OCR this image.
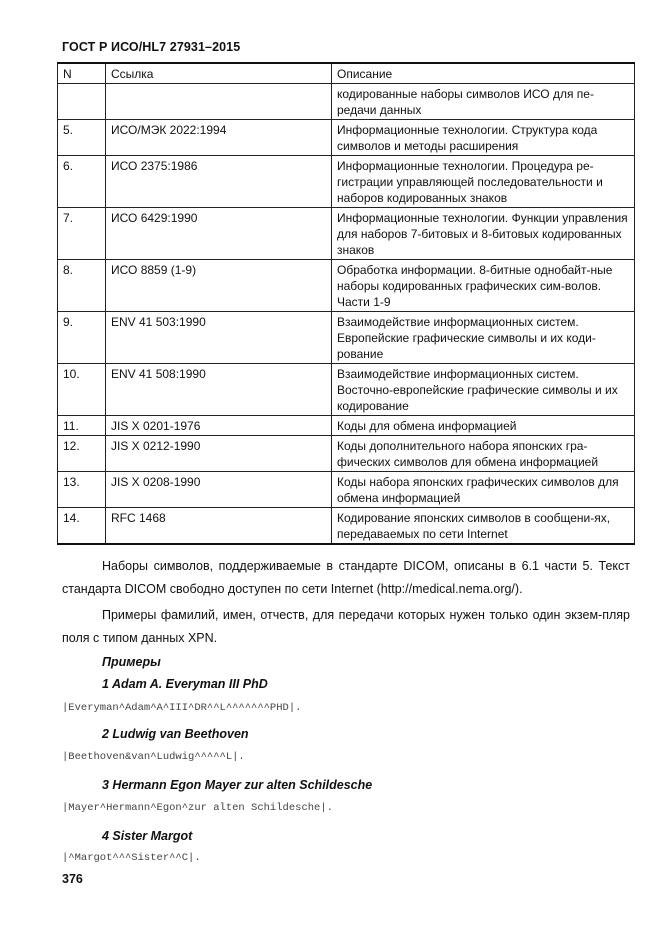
ГОСТ Р ИСО/HL7 27931–2015
N	Ссылка	Описание
		кодированные наборы символов ИСО для пе-редачи данных
5.	ИСО/МЭК 2022:1994	Информационные технологии. Структура кода символов и методы расширения
6.	ИСО 2375:1986	Информационные технологии. Процедура ре-гистрации управляющей последовательности и наборов кодированных знаков
7.	ИСО 6429:1990	Информационные технологии. Функции управления для наборов 7-битовых и 8-битовых кодированных знаков
8.	ИСО 8859 (1-9)	Обработка информации. 8-битные однобайт-ные наборы кодированных графических сим-волов. Части 1-9
9.	ENV 41 503:1990	Взаимодействие информационных систем. Европейские графические символы и их коди-рование
10.	ENV 41 508:1990	Взаимодействие информационных систем. Восточно-европейские графические символы и их кодирование
11.	JIS X 0201-1976	Коды для обмена информацией
12.	JIS X 0212-1990	Коды дополнительного набора японских гра-фических символов для обмена информацией
13.	JIS X 0208-1990	Коды набора японских графических символов для обмена информацией
14.	RFC 1468	Кодирование японских символов в сообщени-ях, передаваемых по сети Internet
Наборы символов, поддерживаемые в стандарте DICOM, описаны в 6.1 части 5. Текст стандарта DICOM свободно доступен по сети Internet (http://medical.nema.org/).
Примеры фамилий, имен, отчеств, для передачи которых нужен только один экзем-пляр поля с типом данных XPN.
Примеры
1 Adam A. Everyman III PhD
|Everyman^Adam^A^III^DR^^L^^^^^^^PHD|.
2 Ludwig van Beethoven
|Beethoven&van^Ludwig^^^^^L|.
3 Hermann Egon Mayer zur alten Schildesche
|Mayer^Hermann^Egon^zur alten Schildesche|.
4 Sister Margot
|^Margot^^^Sister^^C|.
376
